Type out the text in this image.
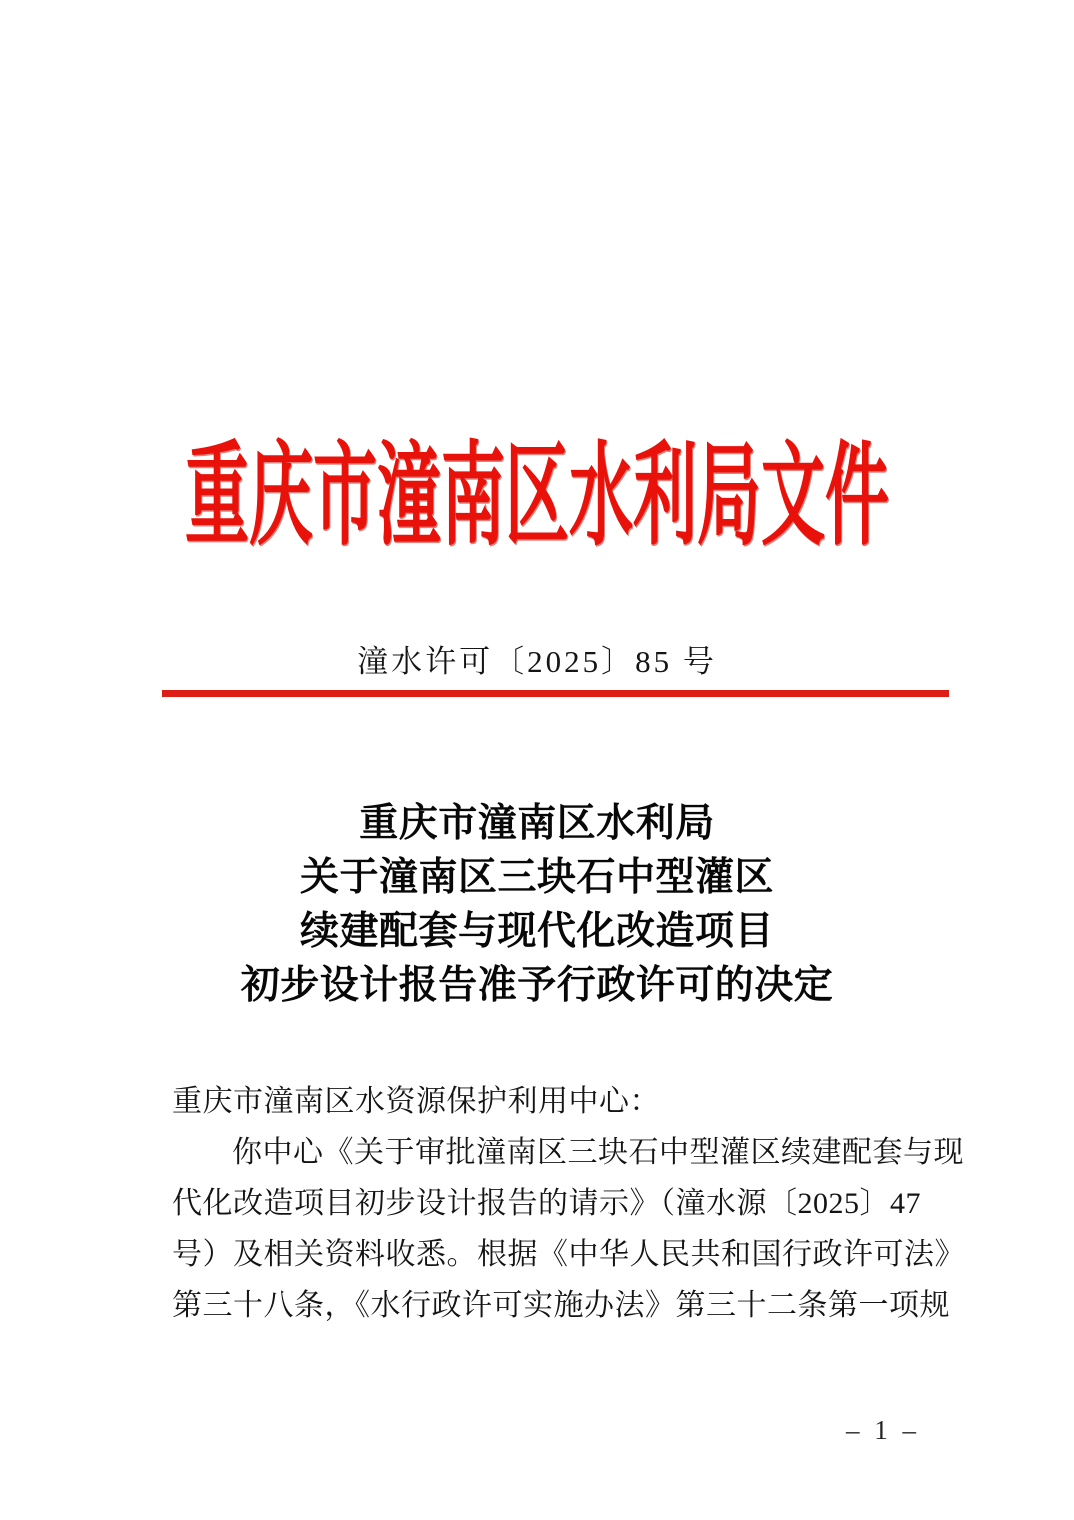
重庆市潼南区水利局文件
潼水许可〔2025〕85 号
重庆市潼南区水利局
关于潼南区三块石中型灌区
续建配套与现代化改造项目
初步设计报告准予行政许可的决定
重庆市潼南区水资源保护利用中心：
你中心《关于审批潼南区三块石中型灌区续建配套与现
代化改造项目初步设计报告的请示》（潼水源〔2025〕47
号）及相关资料收悉。根据《中华人民共和国行政许可法》
第三十八条，《水行政许可实施办法》第三十二条第一项规
– 1 –
